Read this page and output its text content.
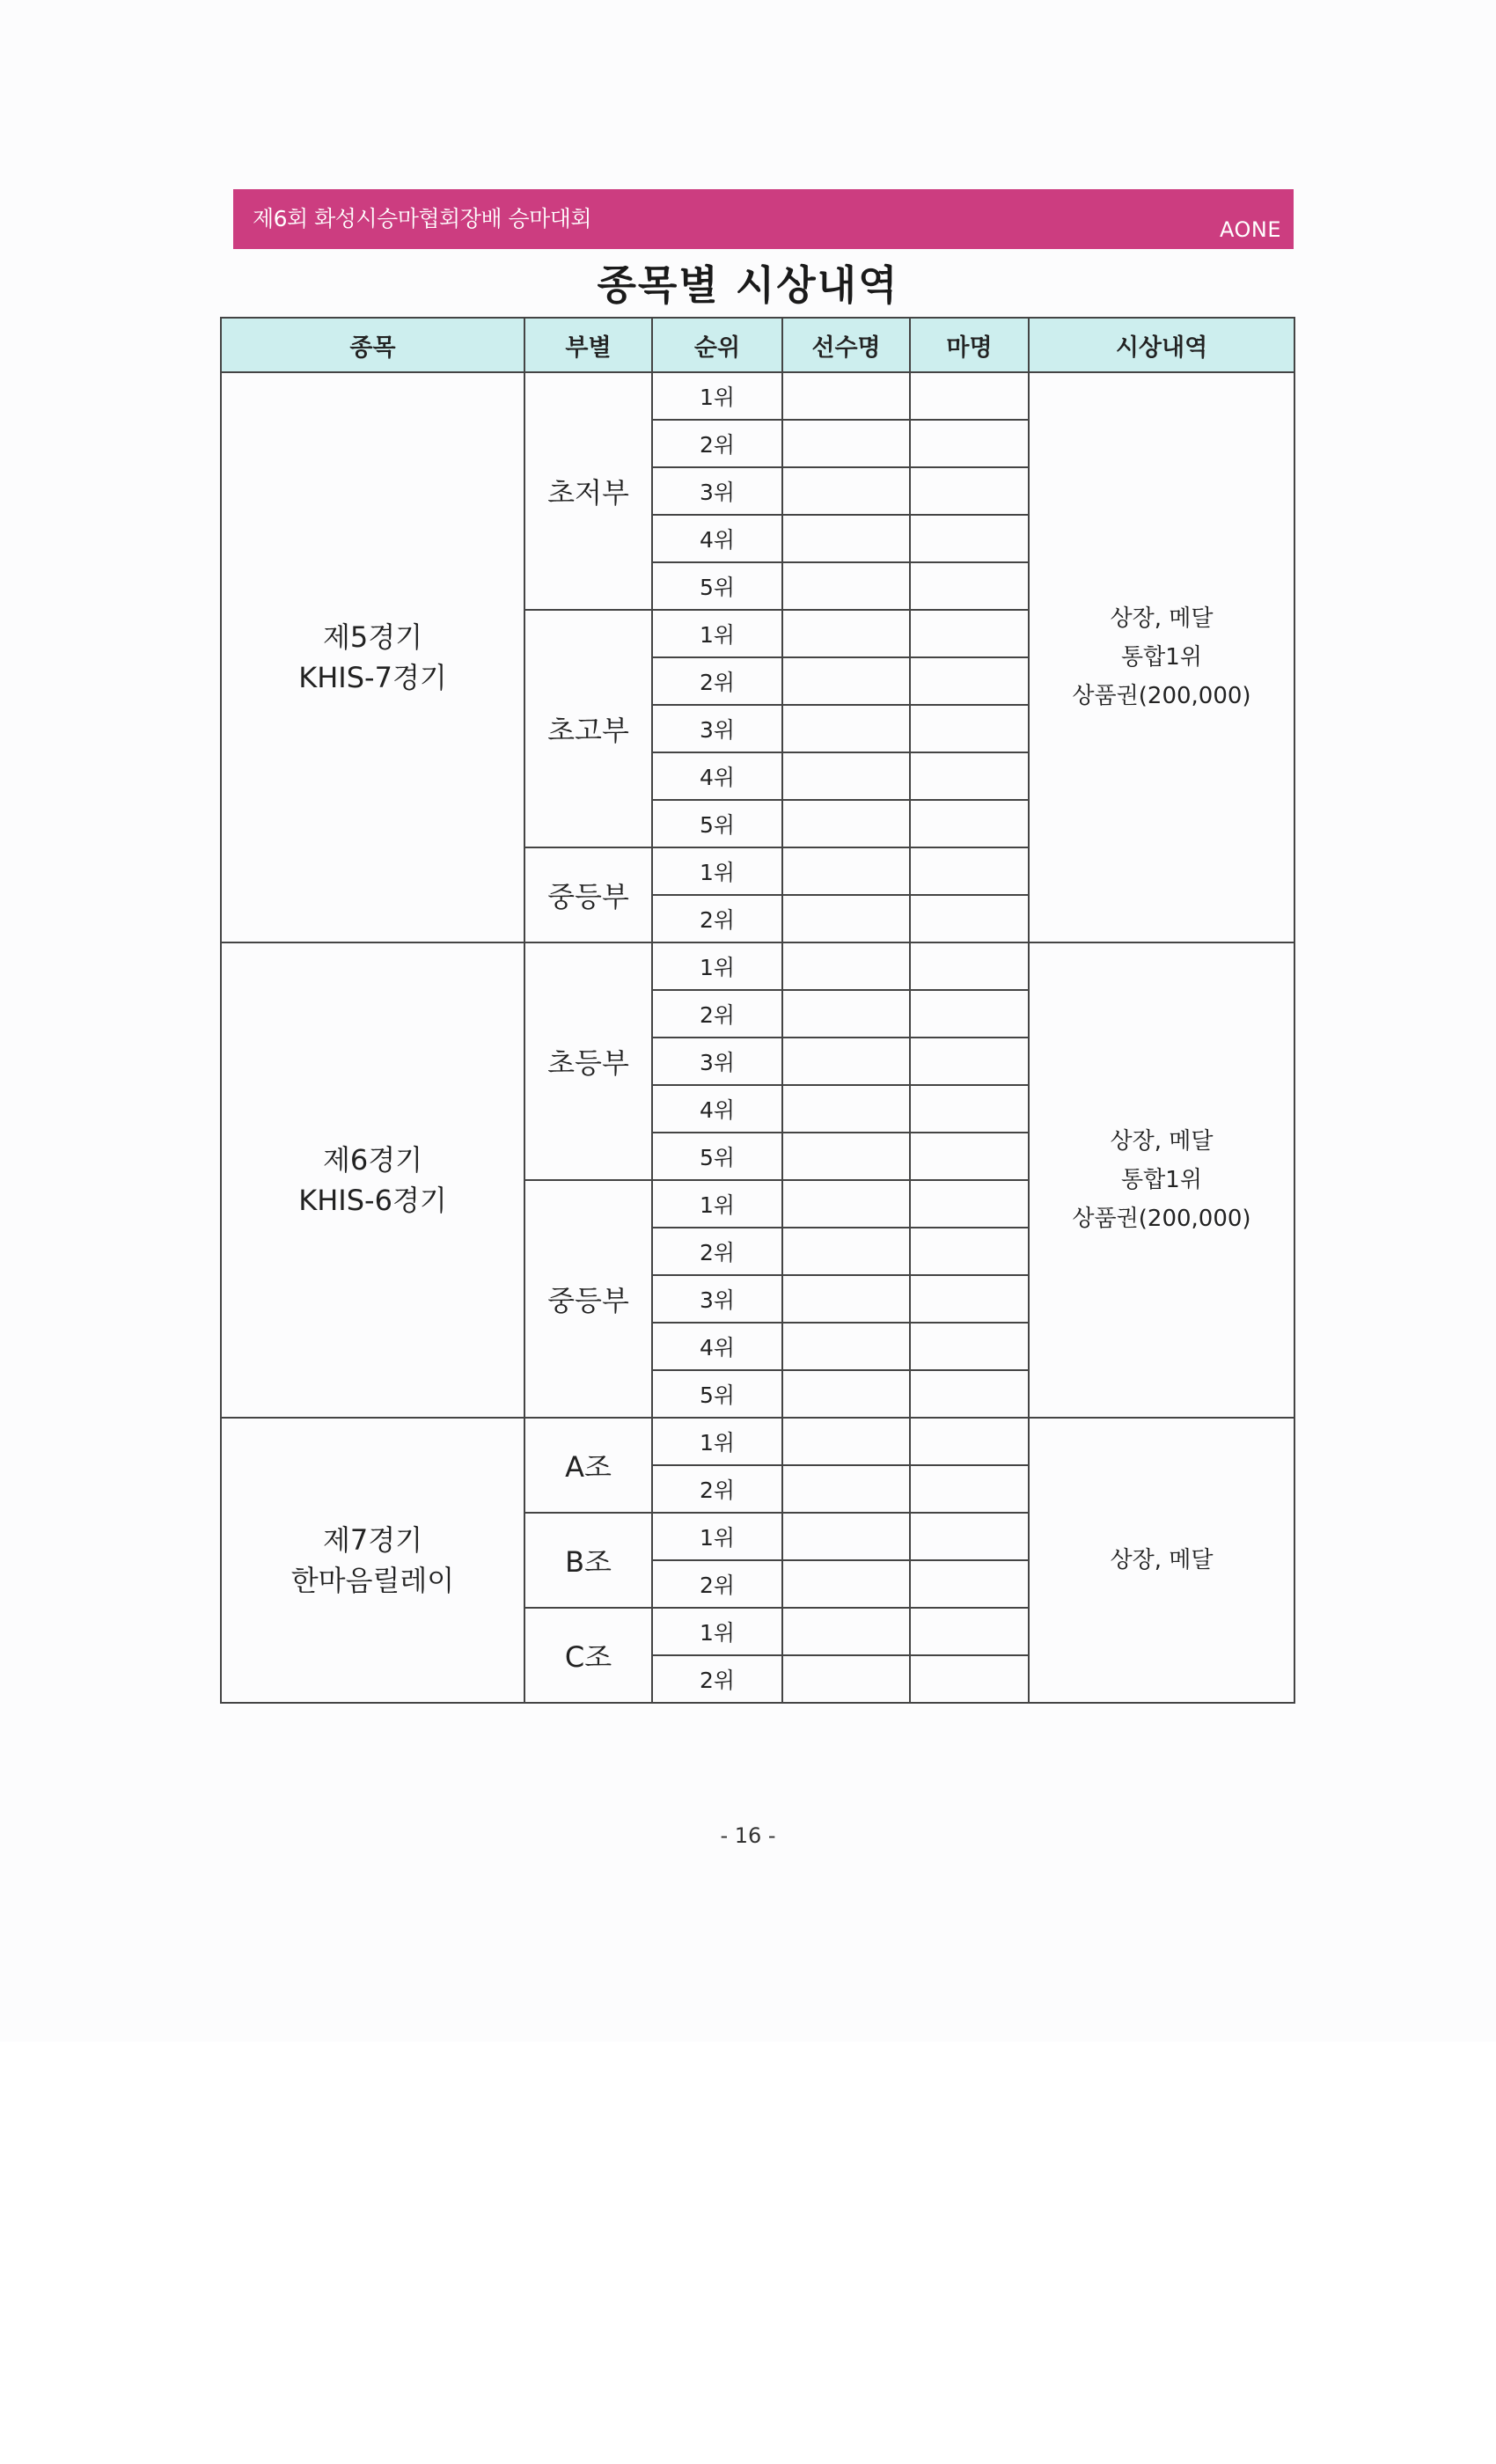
제6회 화성시승마협회장배 승마대회	AONE
종목별 시상내역
종목	부별	순위	선수명	마명	시상내역

제5경기
KHIS-7경기	초저부	1위			상장, 메달
통합1위
상품권(200,000)

		2위			
		3위			
		4위			
		5위			
	초고부	1위			
		2위			
		3위			
		4위			
		5위			
	중등부	1위			
		2위			

제6경기
KHIS-6경기	초등부	1위			상장, 메달
통합1위
상품권(200,000)

		2위			
		3위			
		4위			
		5위			
	중등부	1위			
		2위			
		3위			
		4위			
		5위			

제7경기
한마음릴레이	A조	1위			상장, 메달

		2위			
	B조	1위			
		2위			
	C조	1위			
		2위			
- 16 -
